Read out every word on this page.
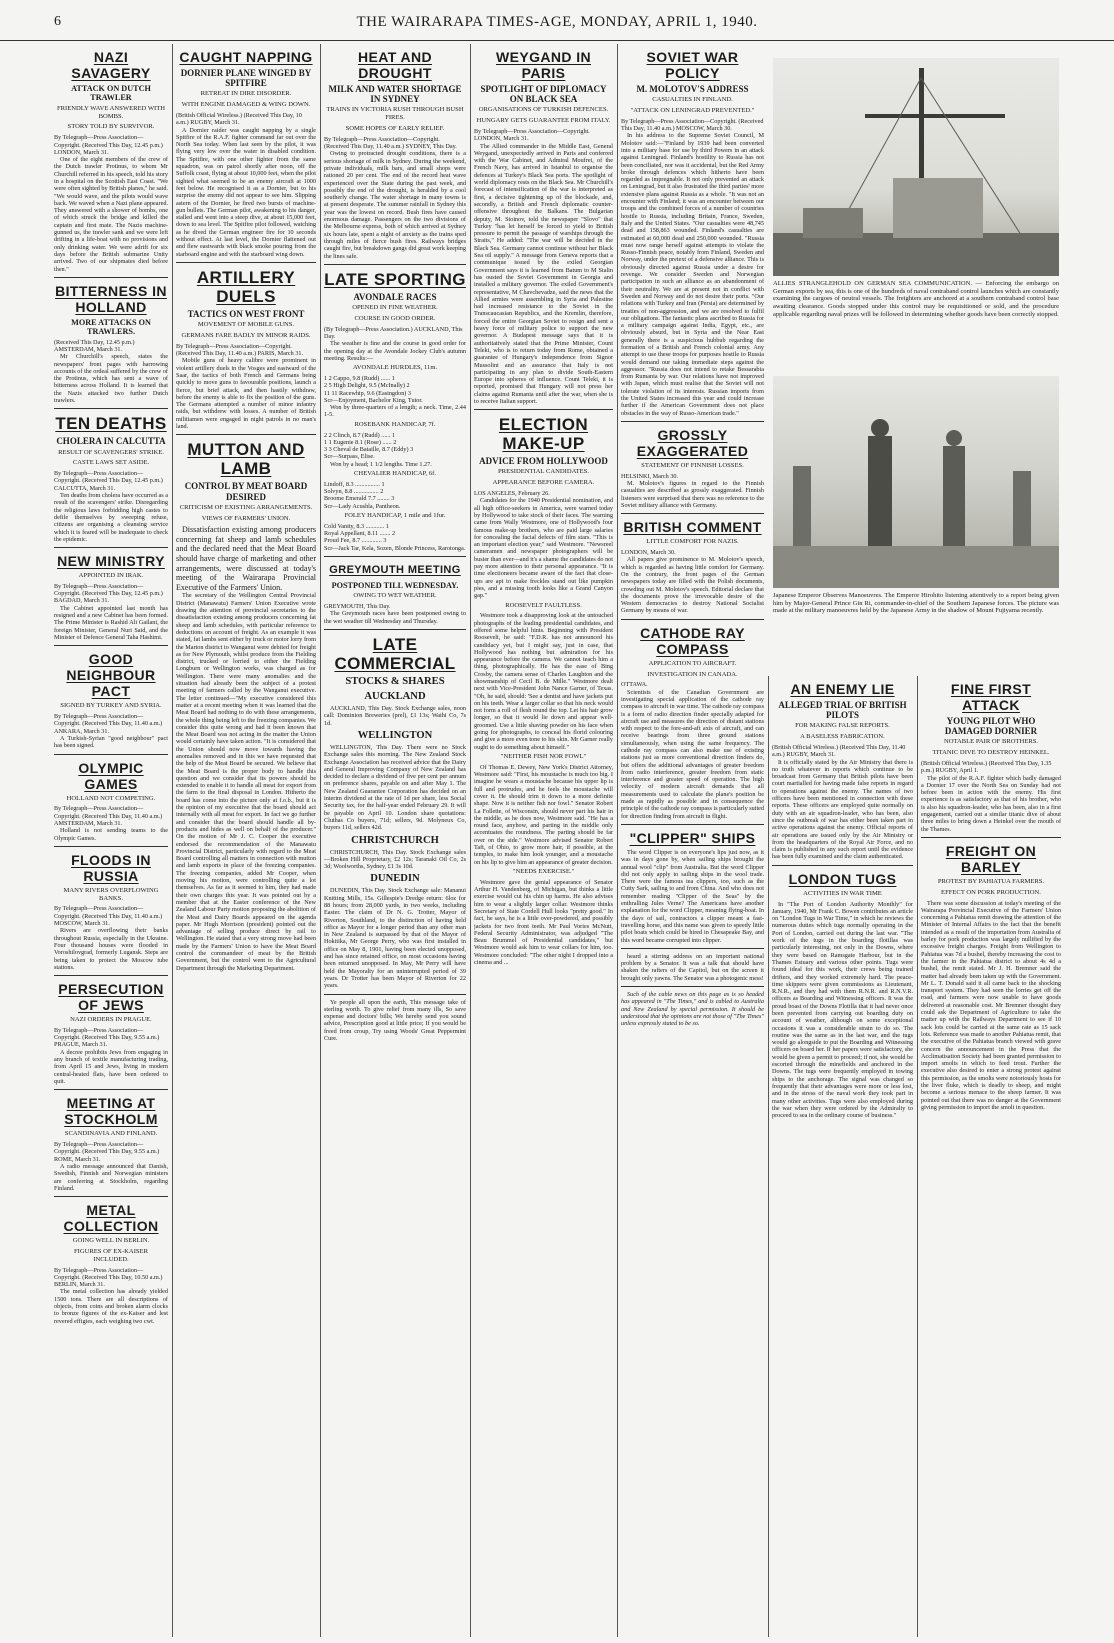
6	THE WAIRARAPA TIMES-AGE, MONDAY, APRIL 1, 1940.
NAZI SAVAGERY
ATTACK ON DUTCH TRAWLER
FRIENDLY WAVE ANSWERED WITH BOMBS.
STORY TOLD BY SURVIVOR.

By Telegraph—Press Association—Copyright. (Received This Day, 12.45 p.m.) LONDON, March 31.

One of the eight members of the crew of the Dutch trawler Protinus, to whom Mr Churchill referred in his speech, told his story in a hospital on the Scottish East Coast. "We were often sighted by British planes," he said. "We would wave, and the pilots would wave back. We waved when a Nazi plane appeared. They answered with a shower of bombs, one of which struck the bridge and killed the captain and first mate. The Nazis machine-gunned us, the trawler sank and we were left drifting in a life-boat with no provisions and only drinking water. We were adrift for six days before the British submarine Unity arrived. Two of our shipmates died before then."

BITTERNESS IN HOLLAND
MORE ATTACKS ON TRAWLERS.

(Received This Day, 12.45 p.m.) AMSTERDAM, March 31.

Mr Churchill's speech, states the newspapers' front pages with harrowing accounts of the ordeal suffered by the crew of the Protinus, which has sent a wave of bitterness across Holland. It is learned that the Nazis attacked two further Dutch trawlers.

TEN DEATHS
CHOLERA IN CALCUTTA
RESULT OF SCAVENGERS' STRIKE.
CASTE LAWS SET ASIDE.

By Telegraph—Press Association—Copyright. (Received This Day, 12.45 p.m.) CALCUTTA, March 31.

Ten deaths from cholera have occurred as a result of the scavengers' strike. Disregarding the religious laws forbidding high castes to defile themselves by sweeping refuse, citizens are organising a cleansing service which it is feared will be inadequate to check the epidemic.

NEW MINISTRY
APPOINTED IN IRAK.

By Telegraph—Press Association—Copyright. (Received This Day, 12.45 p.m.) BAGDAD, March 31.

The Cabinet appointed last month has resigned and a new Cabinet has been formed. The Prime Minister is Rashid Ali Gailani, the foreign Minister, General Nuri Said, and the Minister of Defence General Taha Hashimi.

GOOD NEIGHBOUR PACT
SIGNED BY TURKEY AND SYRIA.

By Telegraph—Press Association—Copyright. (Received This Day, 11.40 a.m.) ANKARA, March 31.

A Turkish-Syrian "good neighbour" pact has been signed.

OLYMPIC GAMES
HOLLAND NOT COMPETING.

By Telegraph—Press Association—Copyright. (Received This Day, 11.40 a.m.) AMSTERDAM, March 31.

Holland is not sending teams to the Olympic Games.

FLOODS IN RUSSIA
MANY RIVERS OVERFLOWING BANKS.

By Telegraph—Press Association—Copyright. (Received This Day, 11.40 a.m.) MOSCOW, March 31.

Rivers are overflowing their banks throughout Russia, especially in the Ukraine. Four thousand houses were flooded in Voroshilovgrad, formerly Lugansk. Steps are being taken to protect the Moscow tube stations.

PERSECUTION OF JEWS
NAZI ORDERS IN PRAGUE.

By Telegraph—Press Association—Copyright. (Received This Day, 9.55 a.m.) PRAGUE, March 31.

A decree prohibits Jews from engaging in any branch of textile manufacturing trading, from April 15 and Jews, living in modern central-heated flats, have been ordered to quit.

MEETING AT STOCKHOLM
SCANDINAVIA AND FINLAND.

By Telegraph—Press Association—Copyright. (Received This Day, 9.55 a.m.) ROME, March 31.

A radio message announced that Danish, Swedish, Finnish and Norwegian ministers are conferring at Stockholm, regarding Finland.

METAL COLLECTION
GOING WELL IN BERLIN.
FIGURES OF EX-KAISER INCLUDED.

By Telegraph—Press Association—Copyright. (Received This Day, 10.50 a.m.) BERLIN, March 31.

The metal collection has already yielded 1500 tons. There are all descriptions of objects, from coins and broken alarm clocks to bronze figures of the ex-Kaiser and lest revered effigies, each weighing two cwt.

CAUGHT NAPPING
DORNIER PLANE WINGED BY SPITFIRE
RETREAT IN DIRE DISORDER.
WITH ENGINE DAMAGED & WING DOWN.

(British Official Wireless.) (Received This Day, 10 a.m.) RUGBY, March 31.

A Dornier raider was caught napping by a single Spitfire of the R.A.F. fighter command far out over the North Sea today. When last seen by the pilot, it was flying very low over the water in disabled condition. The Spitfire, with one other fighter from the same squadron, was on patrol shortly after noon, off the Suffolk coast, flying at about 10,000 feet, when the pilot sighted what seemed to be an enemy aircraft at 1000 feet below. He recognised it as a Dornier, but to his surprise the enemy did not appear to see him. Slipping astern of the Dornier, he fired two bursts of machine-gun bullets. The German pilot, awakening to his danger, stalled and went into a steep dive, at about 15,000 feet, down to sea level. The Spitfire pilot followed, watching as he dived the German engineer fire for 10 seconds without effect. At last level, the Dornier flattened out and flew eastwards with black smoke pouring from the starboard engine and with the starboard wing down.

ARTILLERY DUELS
TACTICS ON WEST FRONT
MOVEMENT OF MOBILE GUNS.
GERMANS FARE BADLY IN MINOR RAIDS.

By Telegraph—Press Association—Copyright. (Received This Day, 11.40 a.m.) PARIS, March 31.

Mobile guns of heavy calibre were prominent in violent artillery duels in the Vosges and eastward of the Saar, the tactics of both French and Germans being quickly to move guns to favourable positions, launch a fierce, but brief attack, and then hastily withdraw, before the enemy is able to fix the position of the guns. The Germans attempted a number of minor infantry raids, but withdrew with losses. A number of British militiamen were engaged in night patrols in no man's land.

MUTTON AND LAMB
CONTROL BY MEAT BOARD DESIRED
CRITICISM OF EXISTING ARRANGEMENTS.
VIEWS OF FARMERS' UNION.

Dissatisfaction existing among producers concerning fat sheep and lamb schedules and the declared need that the Meat Board should have charge of marketing and other arrangements, were discussed at today's meeting of the Wairarapa Provincial Executive of the Farmers' Union.

The secretary of the Wellington Central Provincial District (Manawatu) Farmers' Union Executive wrote drawing the attention of provincial secretaries to the dissatisfaction existing among producers concerning fat sheep and lamb schedules, with particular reference to deductions on account of freight. As an example it was stated, fat lambs sent either by truck or motor lorry from the Marton district to Wanganui were debited for freight as for New Plymouth, whilst produce from the Fielding district, trucked or lorried to either the Fielding Longburn or Wellington works, was charged as for Wellington. There were many anomalies and the situation had already been the subject of a protest meeting of farmers called by the Wanganui executive. The letter continued—"My executive considered this matter at a recent meeting when it was learned that the Meat Board had nothing to do with these arrangements, the whole thing being left to the freezing companies. We consider this quite wrong and had it been known that the Meat Board was not acting in the matter the Union would certainly have taken action. "It is considered that the Union should now move towards having the anomalies removed and in this we have requested that the help of the Meat Board be secured. We believe that the Meat Board is the proper body to handle this question and we consider that its powers should be extended to enable it to handle all meat for export from the farm to the final disposal in London. Hitherto the board has come into the picture only at f.o.b., but it is the opinion of my executive that the board should act internally with all meat for export. In fact we go further and consider that the board should handle all by-products and hides as well on behalf of the producer." On the motion of Mr J. C. Cooper the executive endorsed the recommendation of the Manawatu Provincial District, particularly with regard to the Meat Board controlling all matters in connection with mutton and lamb exports in place of the freezing companies. The freezing companies, added Mr Cooper, when moving his motion, were controlling quite a lot themselves. As far as it seemed to him, they had made their own charges this year. It was pointed out by a member that at the Easter conference of the New Zealand Labour Party motion proposing the abolition of the Meat and Dairy Boards appeared on the agenda paper. Mr Hugh Morrison (president) pointed out the advantage of selling produce direct by rail to Wellington. He stated that a very strong move had been made by the Farmers' Union to have the Meat Board control the commandeer of meat by the British Government, but the control went to the Agricultural Department through the Marketing Department.

HEAT AND DROUGHT
MILK AND WATER SHORTAGE IN SYDNEY
TRAINS IN VICTORIA RUSH THROUGH BUSH FIRES.
SOME HOPES OF EARLY RELIEF.

By Telegraph—Press Association—Copyright. (Received This Day, 11.40 a.m.) SYDNEY, This Day.

Owing to protracted drought conditions, there is a serious shortage of milk in Sydney. During the weekend, private individuals, milk bars, and small shops were rationed 20 per cent. The end of the record heat wave experienced over the State during the past week, and possibly the end of the drought, is heralded by a cool southerly change. The water shortage in many towns is at present desperate. The summer rainfall in Sydney this year was the lowest on record. Bush fires have caused enormous damage. Passengers on the two divisions of the Melbourne express, both of which arrived at Sydney six hours late, spent a night of anxiety as the trains sped through miles of fierce bush fires. Railways bridges caught fire, but breakdown gangs did great work keeping the lines safe.

LATE SPORTING
AVONDALE RACES
OPENED IN FINE WEATHER.
COURSE IN GOOD ORDER.

(By Telegraph—Press Association.) AUCKLAND, This Day.

The weather is fine and the course in good order for the opening day at the Avondale Jockey Club's autumn meeting. Results:—

AVONDALE HURDLES, 11m.

1 2 Cappo, 9.8 (Rudd) ...... 1

2 5 High Delight, 9.5 (McInally) 2

11 11 Racewhip, 9.6 (Easingdon) 3

Scr—Enjoyment, Bachelor King, Tutor.

Won by three-quarters of a length; a neck. Time, 2.44 1-5.

ROSEBANK HANDICAP, 7f.

2 2 Clinch, 8.7 (Rudd) ...... 1

1 1 Eugenie 8.1 (Rose) ...... 2

3 3 Cheval de Bataille, 8.7 (Eddy) 3

Scr—Surpass, Elise.

Won by a head; 1 1/2 lengths. Time 1.27.

CHEVALIER HANDICAP, 6f.

Lindoff, 8.3 ................ 1

Solvyn, 8.8 ................ 2

Broome Emerald 7.7 ........ 3

Scr—Lady Acushla, Pantheon.

FOLEY HANDICAP, 1 mile and 1fur.

Cold Vanity, 8.3 ............ 1

Royal Appellant, 8.11 ....... 2

Proud Fee, 8.7 ............. 3

Scr—Jack Tar, Kela, Sozen, Blonde Princess, Rarotonga.

GREYMOUTH MEETING
POSTPONED TILL WEDNESDAY.
OWING TO WET WEATHER.

GREYMOUTH, This Day.

The Greymouth races have been postponed owing to the wet weather till Wednesday and Thursday.

LATE COMMERCIAL
STOCKS & SHARES
AUCKLAND

AUCKLAND, This Day. Stock Exchange sales, noon call: Dominion Breweries (prel), £1 13s; Waihi Co, 7s 1d.

WELLINGTON

WELLINGTON, This Day. There were no Stock Exchange sales this morning. The New Zealand Stock Exchange Association has received advice that the Dairy and General Improving Company of New Zealand has decided to declare a dividend of five per cent per annum on preference shares, payable on and after May 1. The New Zealand Guarantee Corporation has decided on an interim dividend at the rate of 1d per share, less Social Security tax, for the half-year ended February 29. It will be payable on April 10. London share quotations: Cluthas Co buyers, 71d; sellers, 9d. Molyneux Co, buyers 11d, sellers 42d.

CHRISTCHURCH

CHRISTCHURCH, This Day. Stock Exchange sales—Broken Hill Proprietary, £2 12s; Taranaki Oil Co, 2s 3d; Woolworths, Sydney, £1 3s 10d.

DUNEDIN

DUNEDIN, This Day. Stock Exchange sale: Mananui Knitting Mills, 15s. Gillespie's Dredge return: 6loz for 88 hours; from 28,000 yards, in two weeks, including Easter. The claim of Dr N. G. Trotter, Mayor of Riverton, Southland, to the distinction of having held office as Mayor for a longer period than any other man in New Zealand is surpassed by that of the Mayor of Hokitika, Mr George Perry, who was first installed in office on May 8, 1901, having been elected unopposed, and has since retained office, on most occasions having been returned unopposed. In May, Mr Perry will have held the Mayoralty for an uninterrupted period of 39 years. Dr Trotter has been Mayor of Riverton for 22 years.

Ye people all upon the earth, This message take of sterling worth. To give relief from many ills, So save expense and doctors' bills; We hereby send you sound advice, Prescription good at little price; If you would be freed from croup, Try using Woods' Great Peppermint Cure.

WEYGAND IN PARIS
SPOTLIGHT OF DIPLOMACY ON BLACK SEA
ORGANISATIONS OF TURKISH DEFENCES.
HUNGARY GETS GUARANTEE FROM ITALY.

By Telegraph—Press Association—Copyright. LONDON, March 31.

The Allied commander in the Middle East, General Weygand, unexpectedly arrived in Paris and conferred with the War Cabinet, and Admiral Moufrei, of the French Navy, has arrived in Istanbul to organise the defences at Turkey's Black Sea ports. The spotlight of world diplomacy rests on the Black Sea. Mr Churchill's forecast of intensification of the war is interpreted as first, a decisive tightening up of the blockade, and, secondly, a British and French diplomatic counter-offensive throughout the Balkans. The Bulgarian deputy, M. Stoinov, told the newspaper "Slovo" that Turkey "has let herself be forced to yield to British pressure to permit the passage of warships through the Straits," He added: "The war will be decided in the Black Sea. Germany cannot continue without her Black Sea oil supply." A message from Geneva reports that a communique issued by the exiled Georgian Government says it is learned from Batum to M Stalin has ousted the Soviet Government in Georgia and installed a military governor. The exiled Government's representative, M Chavchevadze, said the news that the Allied armies were assembling in Syria and Palestine had increased resistance to the Soviet in the Transcaucasian Republics, and the Kremlin, therefore, forced the entire Georgian Soviet to resign and sent a heavy force of military police to support the new governor. A Budapest message says that it is authoritatively stated that the Prime Minister, Count Teleki, who is to return today from Rome, obtained a guarantee of Hungary's independence from Signor Mussolini and an assurance that Italy is not participating in any plan to divide South-Eastern Europe into spheres of influence. Count Teleki, it is reported, promised that Hungary will not press her claims against Rumania until after the war, when she is to receive Italian support.

ELECTION MAKE-UP
ADVICE FROM HOLLYWOOD
PRESIDENTIAL CANDIDATES.
APPEARANCE BEFORE CAMERA.

LOS ANGELES, February 26.

Candidates for the 1940 Presidential nomination, and all high office-seekers in America, were warned today by Hollywood to take stock of their faces. The warning came from Wally Westmore, one of Hollywood's four famous make-up brothers, who are paid large salaries for concealing the facial defects of film stars. "This is an important election year," said Westmore. "Newsreel cameramen and newspaper photographers will be busier than ever—and it's a shame the candidates do not pay more attention to their personal appearance. "It is time electioneers became aware of the fact that close-ups are apt to make freckles stand out like pumpkin pies, and a missing tooth looks like a Grand Canyon gap."

ROOSEVELT FAULTLESS.

Westmore took a disapproving look at the untouched photographs of the leading presidential candidates, and offered some helpful hints. Beginning with President Roosevelt, he said: "F.D.R. has not announced his candidacy yet, but I might say, just in case, that Hollywood has nothing but admiration for his appearance before the camera. We cannot teach him a thing, photographically. He has the ease of Bing Crosby, the camera sense of Charles Laughton and the showmanship of Cecil B. de Mille." Westmore dealt next with Vice-President John Nance Garner, of Texas. "Oh, he said, should: 'See a dentist and have jackets put on his teeth. Wear a larger collar so that his neck would not form a roll of flesh round the top. Let his hair grow longer, so that it would lie down and appear well-groomed. Use a little shaving powder on his face when going for photographs, to conceal his florid colouring and give a more even tone to his skin. Mr Garner really ought to do something about himself."

"NEITHER FISH NOR FOWL"

Of Thomas E. Dewey, New York's District Attorney, Westmore said: "First, his moustache is much too big. I imagine he wears a moustache because his upper lip is full and protrudes, and he feels the moustache will cover it. He should trim it down to a more definite shape. Now it is neither fish nor fowl." Senator Robert La Follette, of Wisconsin, should never part his hair in the middle, as he does now, Westmore said. "He has a round face, anyhow, and parting in the middle only accentuates the roundness. The parting should be far over on the side." Westmore advised Senator Robert Taft, of Ohio, to grow more hair, if possible, at the temples, to make him look younger, and a moustache on his lip to give him an appearance of greater decision.

"NEEDS EXERCISE."

Westmore gave the genial appearance of Senator Arthur H. Vandenberg, of Michigan, but thinks a little exercise would cut his chin up harms. He also advises him to wear a slightly larger collar. Westmore thinks Secretary of State Cordell Hull looks "pretty good." In fact, he says, he is a little over-powdered, and possibly jackets for two front teeth. Mr Paul Vories McNutt, Federal Security Administrator, was adjudged "The Beau Brummel of Presidential candidates," but Westmore would ask him to wear collars for him, too. Westmore concluded: "The other night I dropped into a cinema and ...

SOVIET WAR POLICY
M. MOLOTOV'S ADDRESS
CASUALTIES IN FINLAND.
"ATTACK ON LENINGRAD PREVENTED."

By Telegraph—Press Association—Copyright. (Received This Day, 11.40 a.m.) MOSCOW, March 30.

In his address to the Supreme Soviet Council, M Molotov said:—"Finland by 1939 had been converted into a military base for use by third Powers in an attack against Leningrad. Finland's hostility to Russia has not been conciliated, nor was it accidental, but the Red Army broke through defences which hitherto have been regarded as impregnable. It not only prevented an attack on Leningrad, but it also frustrated the third parties' more extensive plans against Russia as a whole. "It was not an encounter with Finland; it was an encounter between our troops and the combined forces of a number of countries hostile to Russia, including Britain, France, Sweden, Italy and the United States. "Our casualties were 48,745 dead and 158,863 wounded. Finland's casualties are estimated at 60,000 dead and 250,000 wounded. "Russia must now range herself against attempts to violate the Russo-Finnish peace, notably from Finland, Sweden and Norway, under the pretext of a defensive alliance. This is obviously directed against Russia under a desire for revenge. We consider Sweden and Norwegian participation in such an alliance as an abandonment of their neutrality. We are at present not in conflict with Sweden and Norway and do not desire their ports. "Our relations with Turkey and Iran (Persia) are determined by treaties of non-aggression, and we are resolved to fulfil our obligations. The fantastic plans ascribed to Russia for a military campaign against India, Egypt, etc., are obviously absurd, but in Syria and the Near East generally there is a suspicious hubbub regarding the formation of a British and French colonial army. Any attempt to use these troops for purposes hostile to Russia would demand our taking immediate steps against the aggressor. "Russia does not intend to retake Bessarabia from Rumania by war. Our relations have not improved with Japan, which must realise that the Soviet will not tolerate violation of its interests. Russian imports from the United States increased this year and could increase further if the American Government does not place obstacles in the way of Russo-American trade."

GROSSLY EXAGGERATED
STATEMENT OF FINNISH LOSSES.

HELSINKI, March 30.

M. Molotov's figures in regard to the Finnish casualties are described as grossly exaggerated. Finnish listeners were surprised that there was no reference to the Soviet military alliance with Germany.

BRITISH COMMENT
LITTLE COMFORT FOR NAZIS.

LONDON, March 30.

All papers give prominence to M. Molotov's speech, which is regarded as having little comfort for Germany. On the contrary, the front pages of the German newspapers today are filled with the Polish documents, crowding out M. Molotov's speech. Editorial declare that the documents prove the irrevocable desire of the Western democracies to destroy National Socialist Germany by means of war.

CATHODE RAY COMPASS
APPLICATION TO AIRCRAFT.
INVESTIGATION IN CANADA.

OTTAWA.

Scientists of the Canadian Government are investigating special application of the cathode ray compass to aircraft in war time. The cathode ray compass is a form of radio direction finder specially adapted for aircraft use and measures the direction of distant stations with respect to the fore-and-aft axis of aircraft, and can receive bearings from three ground stations simultaneously, when using the same frequency. The cathode ray compass can also make use of existing stations just as more conventional direction finders do, but offers the additional advantages of greater freedom from radio interference, greater freedom from static interference and greater speed of operation. The high velocity of modern aircraft demands that all measurements used to calculate the plane's position be made as rapidly as possible and in consequence the principle of the cathode ray compass is particularly suited for direction finding from aircraft in flight.

"CLIPPER" SHIPS

The word Clipper is on everyone's lips just now, as it was in days gone by, when sailing ships brought the annual wool "clip" from Australia. But the word Clipper did not only apply to sailing ships in the wool trade. There were the famous tea clippers, too, such as the Cutty Sark, sailing to and from China. And who does not remember reading "Clipper of the Seas" by the enthralling Jules Verne? The Americans have another explanation for the word Clipper, meaning flying-boat. In the days of sail, contractors a clipper meant a fast-travelling horse, and this name was given to speedy little pilot boats which could be hired in Chesapeake Bay, and this word became corrupted into clipper.

heard a stirring address on an important national problem by a Senator. It was a talk that should have shaken the rafters of the Capitol, but on the screen it brought only yawns. The Senator was a photogenic mess!

Such of the cable news on this page as is so headed has appeared in "The Times," and is cabled to Australia and New Zealand by special permission. It should be understood that the opinions are not those of "The Times" unless expressly stated to be so.

ALLIES STRANGLEHOLD ON GERMAN SEA COMMUNICATION. — Enforcing the embargo on German exports by sea, this is one of the hundreds of naval contraband control launches which are constantly examining the cargoes of neutral vessels. The freighters are anchored at a southern contraband control base awaiting clearance. Goods stopped under this control may be requisitioned or sold, and the procedure applicable regarding naval prizes will be followed in determining whether goods have been correctly stopped.
Japanese Emperor Observes Manoeuvres. The Emperor Hirohito listening attentively to a report being given him by Major-General Prince Gin Ri, commander-in-chief of the Southern Japanese forces. The picture was made at the military manoeuvres held by the Japanese Army in the shadow of Mount Fujiyama recently.
AN ENEMY LIE
ALLEGED TRIAL OF BRITISH PILOTS
FOR MAKING FALSE REPORTS.
A BASELESS FABRICATION.

(British Official Wireless.) (Received This Day, 11.40 a.m.) RUGBY, March 31.

It is officially stated by the Air Ministry that there is no truth whatever in reports which continue to be broadcast from Germany that British pilots have been court martialled for having made false reports in regard to operations against the enemy. The names of two officers have been mentioned in connection with these reports. These officers are employed quite normally on duty with an air squadron-leader, who has been, also since the outbreak of war has either been taken part in active operations against the enemy. Official reports of air operations are issued only by the Air Ministry or from the headquarters of the Royal Air Force, and no claim is published in any such report until the evidence has been fully examined and the claim authenticated.

LONDON TUGS
ACTIVITIES IN WAR TIME

In "The Port of London Authority Monthly" for January, 1940, Mr Frank C. Bowen contributes an article on "London Tugs in War Time," in which he reviews the numerous duties which tugs normally operating in the Port of London, carried out during the last war. "The work of the tugs in the boarding flotillas was particularly interesting, not only in the Downs, where they were based on Ramsgate Harbour, but in the Thames Estuary and various other points. Tugs were found ideal for this work, their crews being trained drifters, and they worked extremely hard. The peace-time skippers were given commissions as Lieutenant, R.N.R., and they had with them R.N.R. and R.N.V.R. officers as Boarding and Witnessing officers. It was the proud boast of the Downs Flotilla that it had never once been prevented from carrying out boarding duty on account of weather, although on some exceptional occasions it was a considerable strain to do so. The routine was the same as in the last war, and the tugs would go alongside to put the Boarding and Witnessing officers on board her. If her papers were satisfactory, she would be given a permit to proceed; if not, she would be escorted through the minefields and anchored in the Downs. The tugs were frequently employed in towing ships to the anchorage. The signal was changed so frequently that their advantages were more or less lost, and in the stress of the naval work they took part in many other activities. Tugs were also employed during the war when they were ordered by the Admiralty to proceed to sea in the ordinary course of business."

FINE FIRST ATTACK
YOUNG PILOT WHO DAMAGED DORNIER
NOTABLE PAIR OF BROTHERS.
TITANIC DIVE TO DESTROY HEINKEL.

(British Official Wireless.) (Received This Day, 1.35 p.m.) RUGBY, April 1.

The pilot of the R.A.F. fighter which badly damaged a Dornier 17 over the North Sea on Sunday had not before been in action with the enemy. His first experience is as satisfactory as that of his brother, who is also his squadron-leader, who has been, also in a first engagement, carried out a similar titanic dive of about three miles to bring down a Heinkel over the mouth of the Thames.

FREIGHT ON BARLEY
PROTEST BY PAHIATUA FARMERS.
EFFECT ON PORK PRODUCTION.

There was some discussion at today's meeting of the Wairarapa Provincial Executive of the Farmers' Union concerning a Pahiatua remit drawing the attention of the Minister of Internal Affairs to the fact that the benefit intended as a result of the importation from Australia of barley for pork production was largely nullified by the excessive freight charges. Freight from Wellington to Pahiatua was 7d a bushel, thereby increasing the cost to the farmer in the Pahiatua district to about 4s 4d a bushel, the remit stated. Mr J. H. Bremner said the matter had already been taken up with the Government. Mr L. T. Donald said it all came back to the shocking transport system. They had seen the lorries get off the road, and farmers were now unable to have goods delivered at reasonable cost. Mr Bremner thought they could ask the Department of Agriculture to take the matter up with the Railways Department to see if 10 sack lots could be carried at the same rate as 15 sack lots. Reference was made to another Pahiatua remit, that the executive of the Pahiatua branch viewed with grave concern the announcement in the Press that the Acclimatisation Society had been granted permission to import smolts in which to feed trout. Further the executive also desired to enter a strong protest against this permission, as the smolts were notoriously hosts for the liver fluke, which is deadly to sheep, and might become a serious menace to the sheep farmer. It was pointed out that there was no danger at the Government giving permission to import the smolt in question.
